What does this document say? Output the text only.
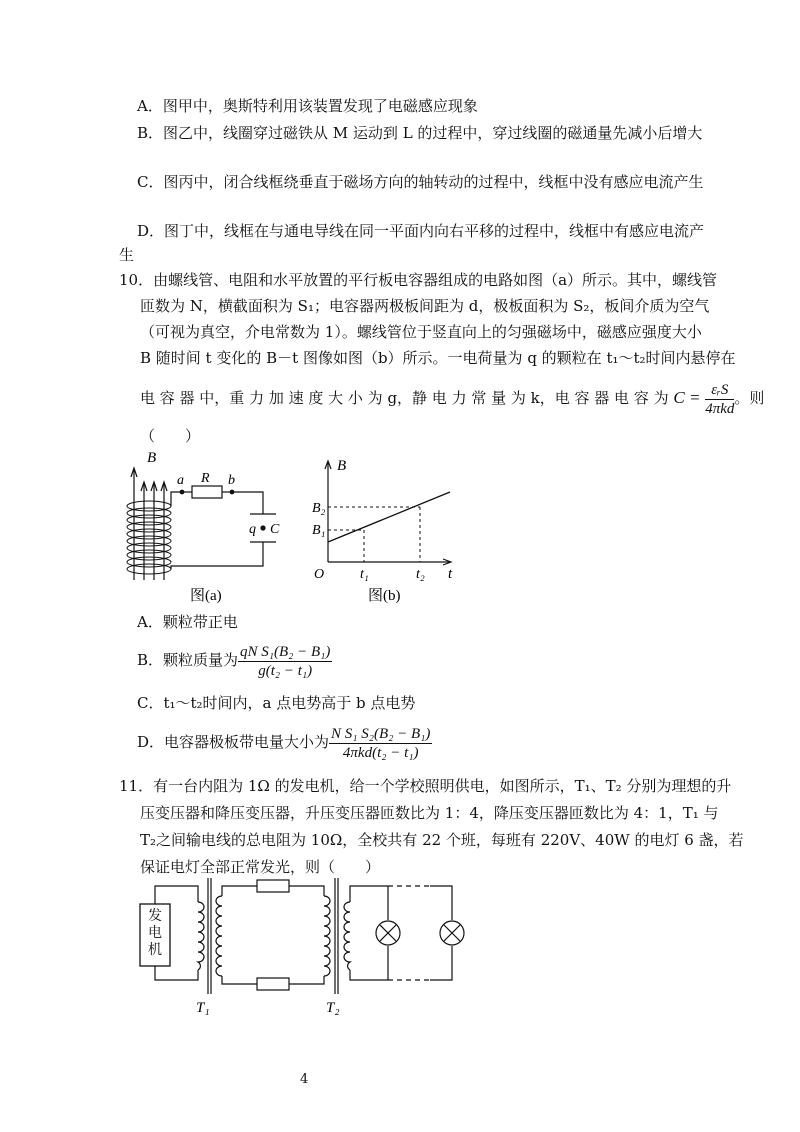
A．图甲中，奥斯特利用该装置发现了电磁感应现象
B．图乙中，线圈穿过磁铁从 M 运动到 L 的过程中，穿过线圈的磁通量先减小后增大
C．图丙中，闭合线框绕垂直于磁场方向的轴转动的过程中，线框中没有感应电流产生
D．图丁中，线框在与通电导线在同一平面内向右平移的过程中，线框中有感应电流产
生
10．由螺线管、电阻和水平放置的平行板电容器组成的电路如图（a）所示。其中，螺线管
匝数为 N，横截面积为 S₁；电容器两极板间距为 d，极板面积为 S₂，板间介质为空气
（可视为真空，介电常数为 1）。螺线管位于竖直向上的匀强磁场中，磁感应强度大小
B 随时间 t 变化的 B－t 图像如图（b）所示。一电荷量为 q 的颗粒在 t₁～t₂时间内悬停在
电 容 器 中，重 力 加 速 度 大 小 为 g，静 电 力 常 量 为 k，电 容 器 电 容 为 C = εᵣS
4πkd
。则
（　　）
B
a R b
q C
图(a)
B
B₂
B₁
O	t₁	t₂ t
图(b)
A．颗粒带正电
B．颗粒质量为 $\frac{\text{qN S₁(B₂ − B₁)}}{\text{g(t₂ − t₁)}}$
C．t₁～t₂时间内，a 点电势高于 b 点电势
D．电容器极板带电量大小为 N S₁ S₂(B₂ − B₁)
4πkd(t₂ − t₁)
11．有一台内阻为 1Ω 的发电机，给一个学校照明供电，如图所示，T₁、T₂ 分别为理想的升
压变压器和降压变压器，升压变压器匝数比为 1：4，降压变压器匝数比为 4：1，T₁ 与
T₂之间输电线的总电阻为 10Ω，全校共有 22 个班，每班有 220V、40W 的电灯 6 盏，若
保证电灯全部正常发光，则（　　）
发电机
T₁	T₂
4
